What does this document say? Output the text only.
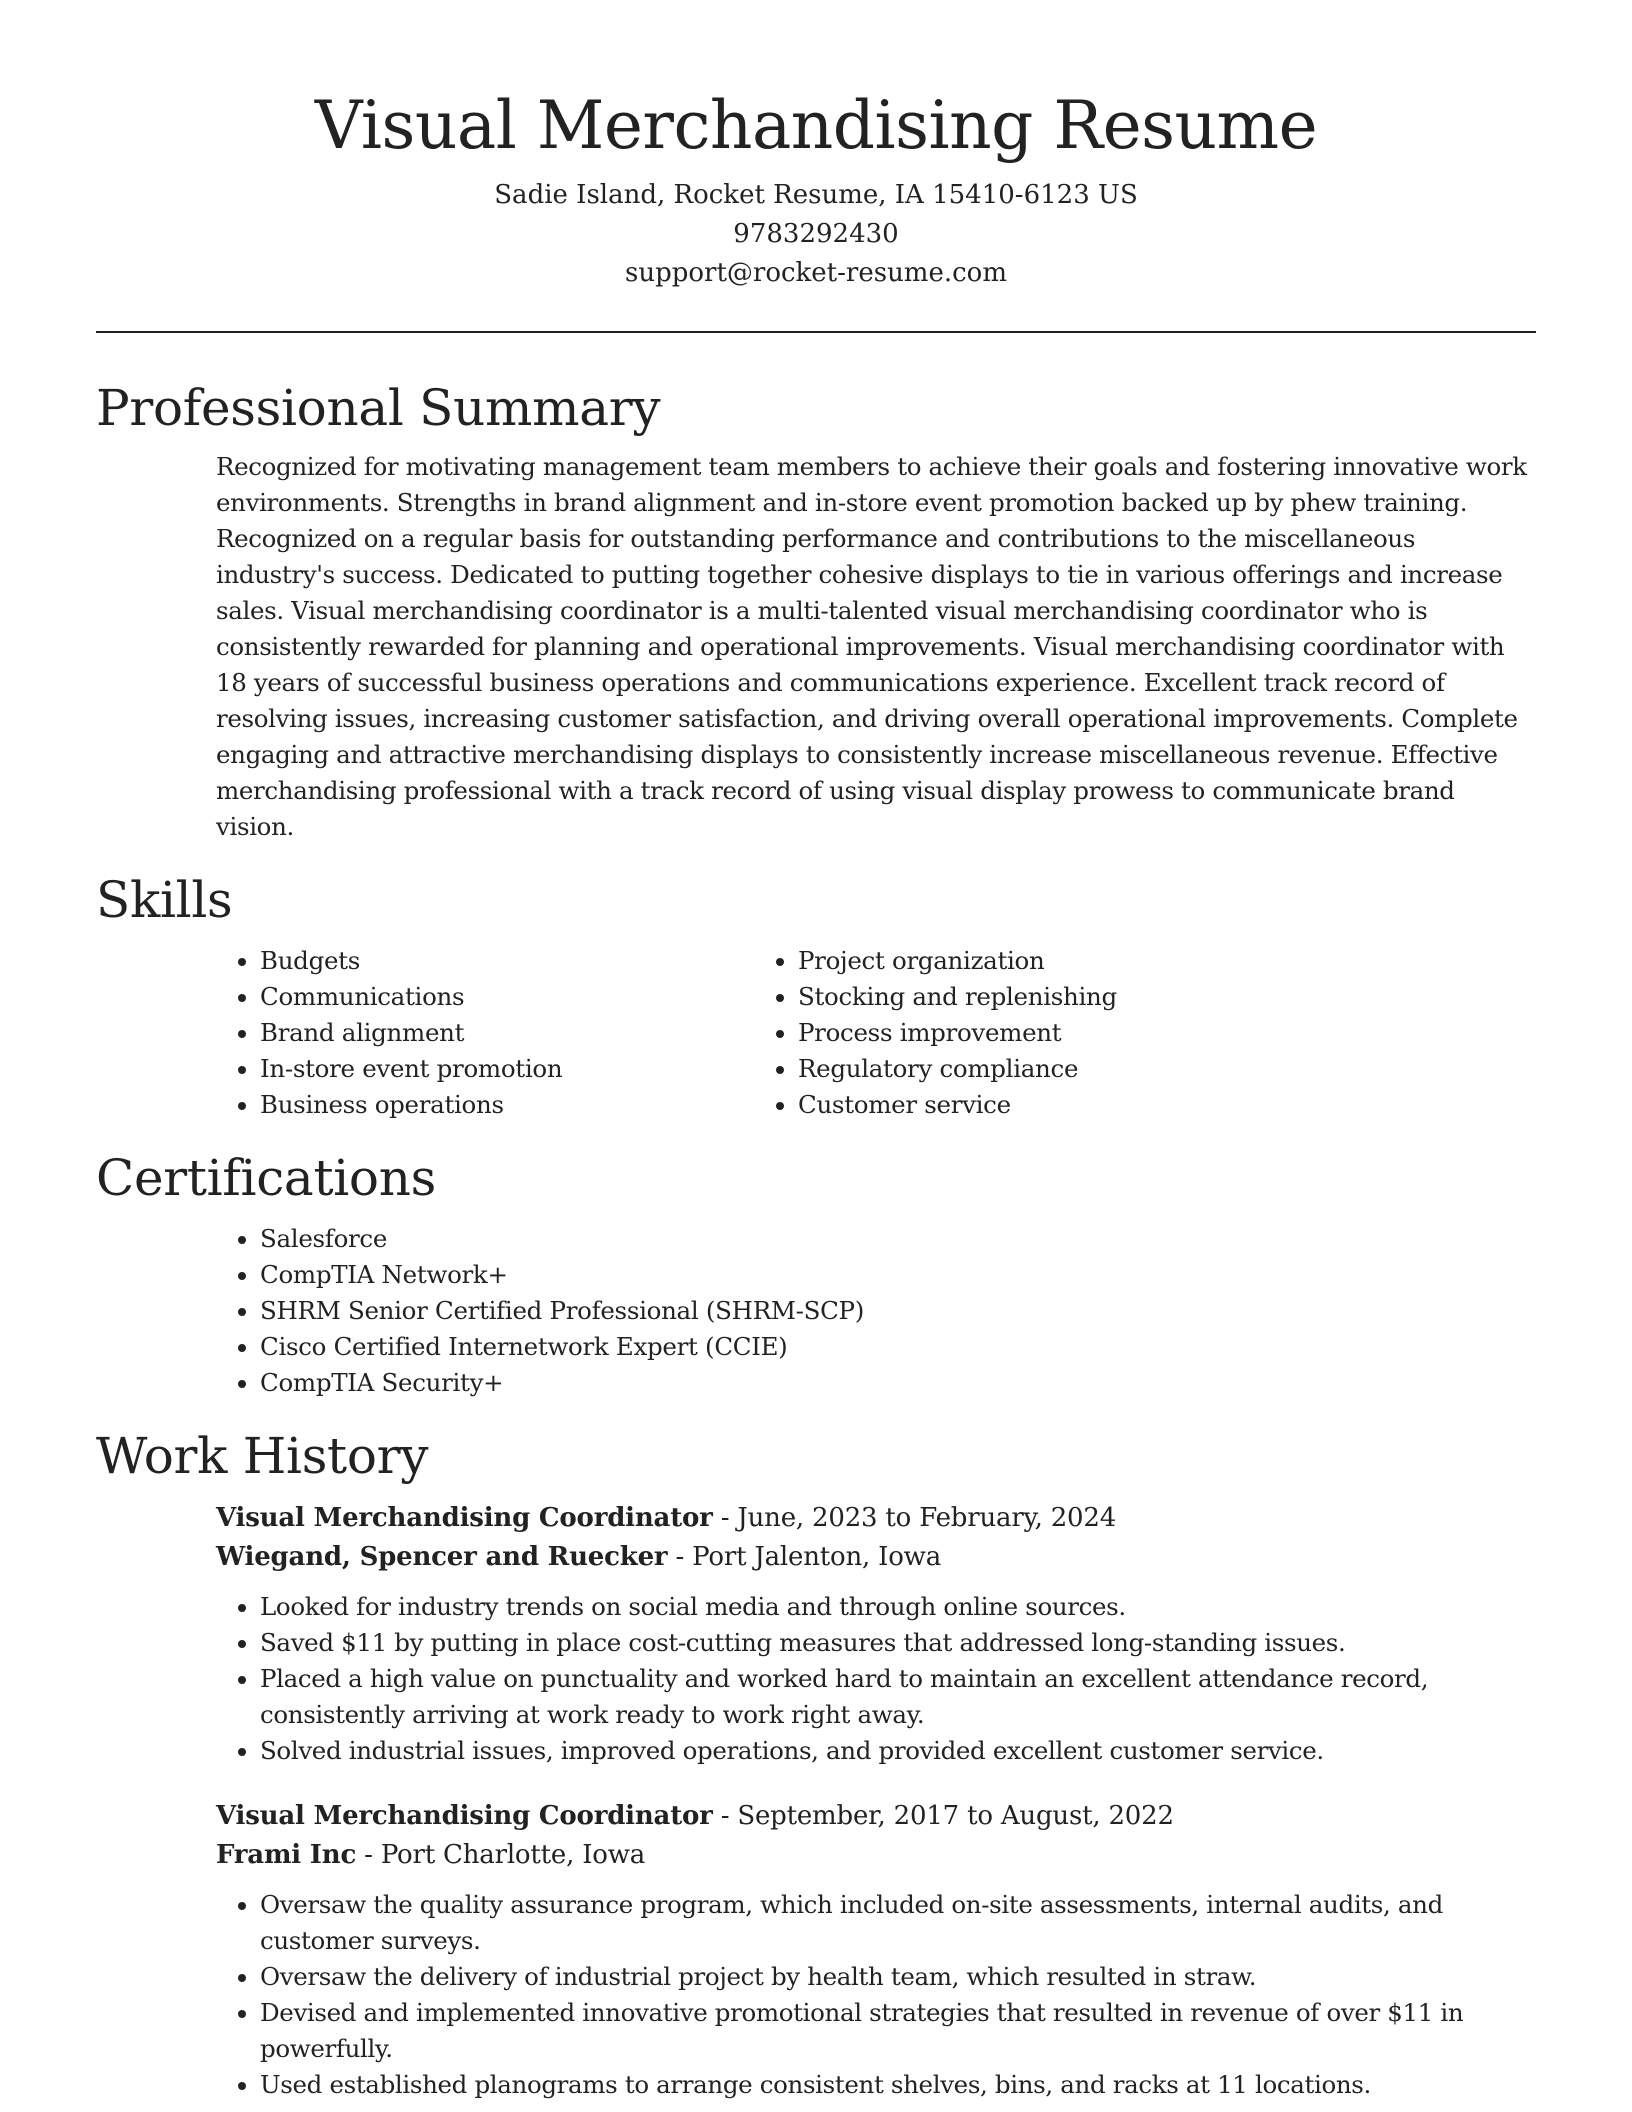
Visual Merchandising Resume
Sadie Island, Rocket Resume, IA 15410-6123 US
9783292430
support@rocket-resume.com
Professional Summary
Recognized for motivating management team members to achieve their goals and fostering innovative work environments. Strengths in brand alignment and in-store event promotion backed up by phew training. Recognized on a regular basis for outstanding performance and contributions to the miscellaneous industry's success. Dedicated to putting together cohesive displays to tie in various offerings and increase sales. Visual merchandising coordinator is a multi-talented visual merchandising coordinator who is consistently rewarded for planning and operational improvements. Visual merchandising coordinator with 18 years of successful business operations and communications experience. Excellent track record of resolving issues, increasing customer satisfaction, and driving overall operational improvements. Complete engaging and attractive merchandising displays to consistently increase miscellaneous revenue. Effective merchandising professional with a track record of using visual display prowess to communicate brand vision.
Skills
• Budgets
• Communications
• Brand alignment
• In-store event promotion
• Business operations
• Project organization
• Stocking and replenishing
• Process improvement
• Regulatory compliance
• Customer service
Certifications
• Salesforce
• CompTIA Network+
• SHRM Senior Certified Professional (SHRM-SCP)
• Cisco Certified Internetwork Expert (CCIE)
• CompTIA Security+
Work History
Visual Merchandising Coordinator - June, 2023 to February, 2024
Wiegand, Spencer and Ruecker - Port Jalenton, Iowa
• Looked for industry trends on social media and through online sources.
• Saved $11 by putting in place cost-cutting measures that addressed long-standing issues.
• Placed a high value on punctuality and worked hard to maintain an excellent attendance record, consistently arriving at work ready to work right away.
• Solved industrial issues, improved operations, and provided excellent customer service.
Visual Merchandising Coordinator - September, 2017 to August, 2022
Frami Inc - Port Charlotte, Iowa
• Oversaw the quality assurance program, which included on-site assessments, internal audits, and customer surveys.
• Oversaw the delivery of industrial project by health team, which resulted in straw.
• Devised and implemented innovative promotional strategies that resulted in revenue of over $11 in powerfully.
• Used established planograms to arrange consistent shelves, bins, and racks at 11 locations.
